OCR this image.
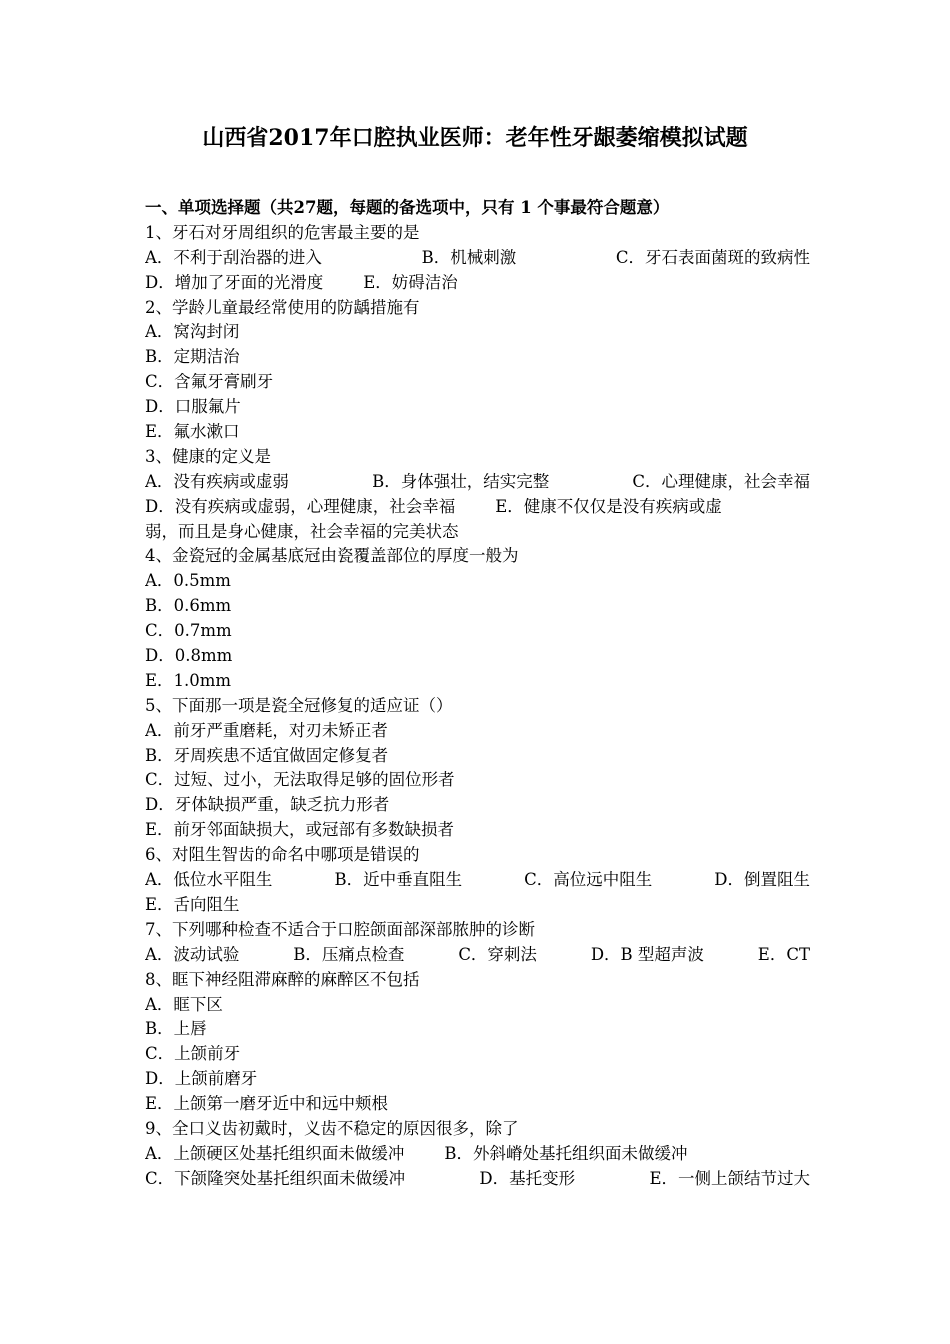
山西省2017年口腔执业医师：老年性牙龈萎缩模拟试题
一、单项选择题（共27题，每题的备选项中，只有 1 个事最符合题意）
1、牙石对牙周组织的危害最主要的是
A．不利于刮治器的进入	B．机械刺激	C．牙石表面菌斑的致病性
D．增加了牙面的光滑度 E．妨碍洁治
2、学龄儿童最经常使用的防龋措施有
A．窝沟封闭
B．定期洁治
C．含氟牙膏刷牙
D．口服氟片
E．氟水漱口
3、健康的定义是
A．没有疾病或虚弱	B．身体强壮，结实完整	C．心理健康，社会幸福
D．没有疾病或虚弱，心理健康，社会幸福 E．健康不仅仅是没有疾病或虚
弱，而且是身心健康，社会幸福的完美状态
4、金瓷冠的金属基底冠由瓷覆盖部位的厚度一般为
A．0.5mm
B．0.6mm
C．0.7mm
D．0.8mm
E．1.0mm
5、下面那一项是瓷全冠修复的适应证（）
A．前牙严重磨耗，对刃未矫正者
B．牙周疾患不适宜做固定修复者
C．过短、过小，无法取得足够的固位形者
D．牙体缺损严重，缺乏抗力形者
E．前牙邻面缺损大，或冠部有多数缺损者
6、对阻生智齿的命名中哪项是错误的
A．低位水平阻生	B．近中垂直阻生	C．高位远中阻生	D．倒置阻生
E．舌向阻生
7、下列哪种检查不适合于口腔颌面部深部脓肿的诊断
A．波动试验	B．压痛点检查	C．穿刺法	D．B 型超声波	E．CT
8、眶下神经阻滞麻醉的麻醉区不包括
A．眶下区
B．上唇
C．上颌前牙
D．上颌前磨牙
E．上颌第一磨牙近中和远中颊根
9、全口义齿初戴时，义齿不稳定的原因很多，除了
A．上颌硬区处基托组织面未做缓冲 B．外斜嵴处基托组织面未做缓冲
C．下颌隆突处基托组织面未做缓冲	D．基托变形	E．一侧上颌结节过大
